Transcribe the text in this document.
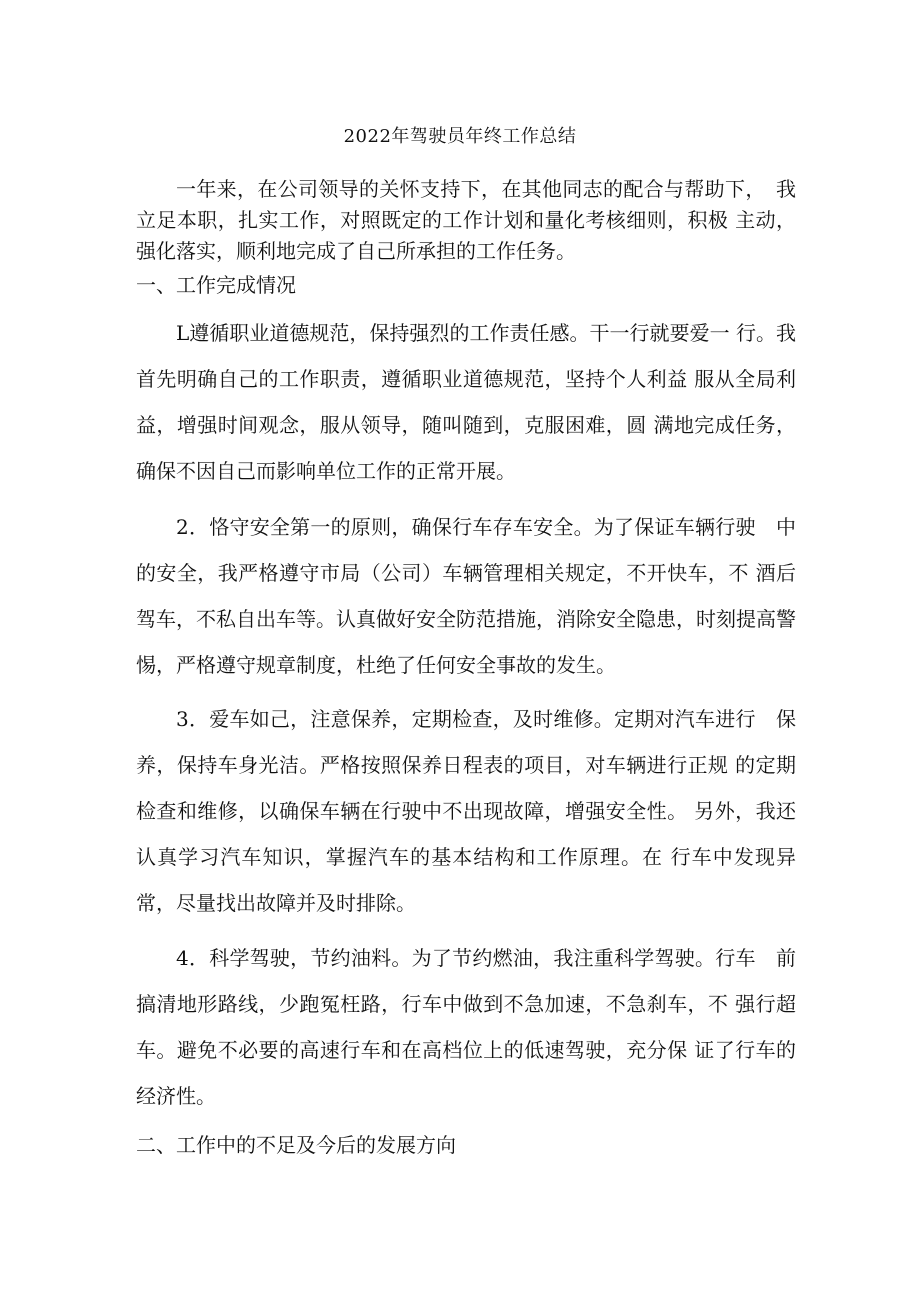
2022年驾驶员年终工作总结
一年来，在公司领导的关怀支持下，在其他同志的配合与帮助下，　我立足本职，扎实工作，对照既定的工作计划和量化考核细则，积极 主动，强化落实，顺利地完成了自己所承担的工作任务。
一、工作完成情况
L遵循职业道德规范，保持强烈的工作责任感。干一行就要爱一 行。我首先明确自己的工作职责，遵循职业道德规范，坚持个人利益 服从全局利益，增强时间观念，服从领导，随叫随到，克服困难，圆 满地完成任务，确保不因自己而影响单位工作的正常开展。
2．恪守安全第一的原则，确保行车存车安全。为了保证车辆行驶　中的安全，我严格遵守市局（公司）车辆管理相关规定，不开快车，不 酒后驾车，不私自出车等。认真做好安全防范措施，消除安全隐患，时刻提高警惕，严格遵守规章制度，杜绝了任何安全事故的发生。
3．爱车如己，注意保养，定期检查，及时维修。定期对汽车进行　保养，保持车身光洁。严格按照保养日程表的项目，对车辆进行正规 的定期检查和维修，以确保车辆在行驶中不出现故障，增强安全性。 另外，我还认真学习汽车知识，掌握汽车的基本结构和工作原理。在 行车中发现异常，尽量找出故障并及时排除。
4．科学驾驶，节约油料。为了节约燃油，我注重科学驾驶。行车　前搞清地形路线，少跑冤枉路，行车中做到不急加速，不急刹车，不 强行超车。避免不必要的高速行车和在高档位上的低速驾驶，充分保 证了行车的经济性。
二、工作中的不足及今后的发展方向
